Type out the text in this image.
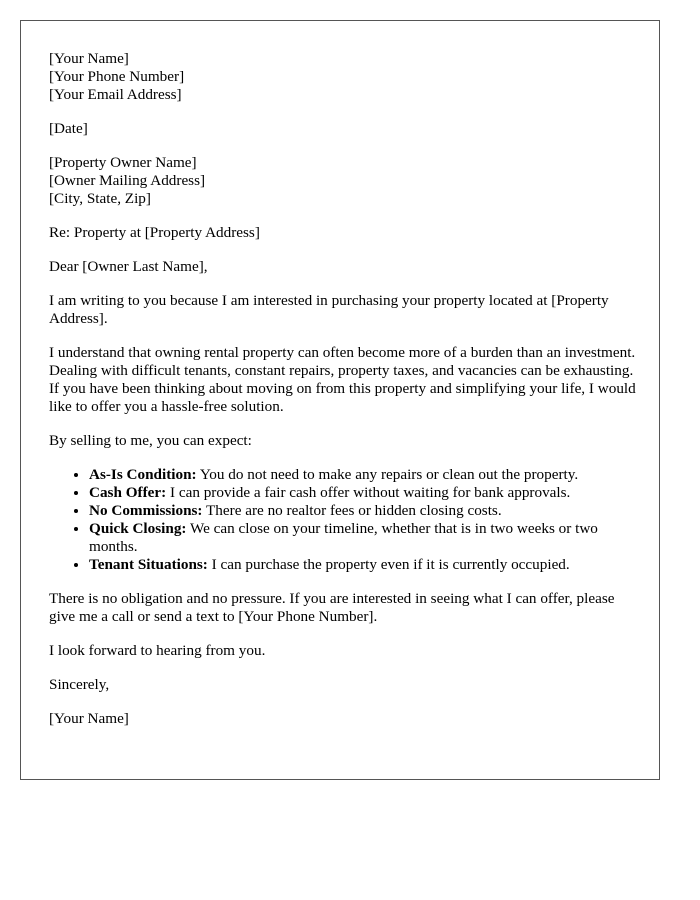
[Your Name]
[Your Phone Number]
[Your Email Address]
[Date]
[Property Owner Name]
[Owner Mailing Address]
[City, State, Zip]

Re: Property at [Property Address]

Dear [Owner Last Name],

I am writing to you because I am interested in purchasing your property located at [Property Address].

I understand that owning rental property can often become more of a burden than an investment. Dealing with difficult tenants, constant repairs, property taxes, and vacancies can be exhausting. If you have been thinking about moving on from this property and simplifying your life, I would like to offer you a hassle-free solution.

By selling to me, you can expect:

• As-Is Condition: You do not need to make any repairs or clean out the property.
• Cash Offer: I can provide a fair cash offer without waiting for bank approvals.
• No Commissions: There are no realtor fees or hidden closing costs.
• Quick Closing: We can close on your timeline, whether that is in two weeks or two months.
• Tenant Situations: I can purchase the property even if it is currently occupied.

There is no obligation and no pressure. If you are interested in seeing what I can offer, please give me a call or send a text to [Your Phone Number].

I look forward to hearing from you.

Sincerely,

[Your Name]
